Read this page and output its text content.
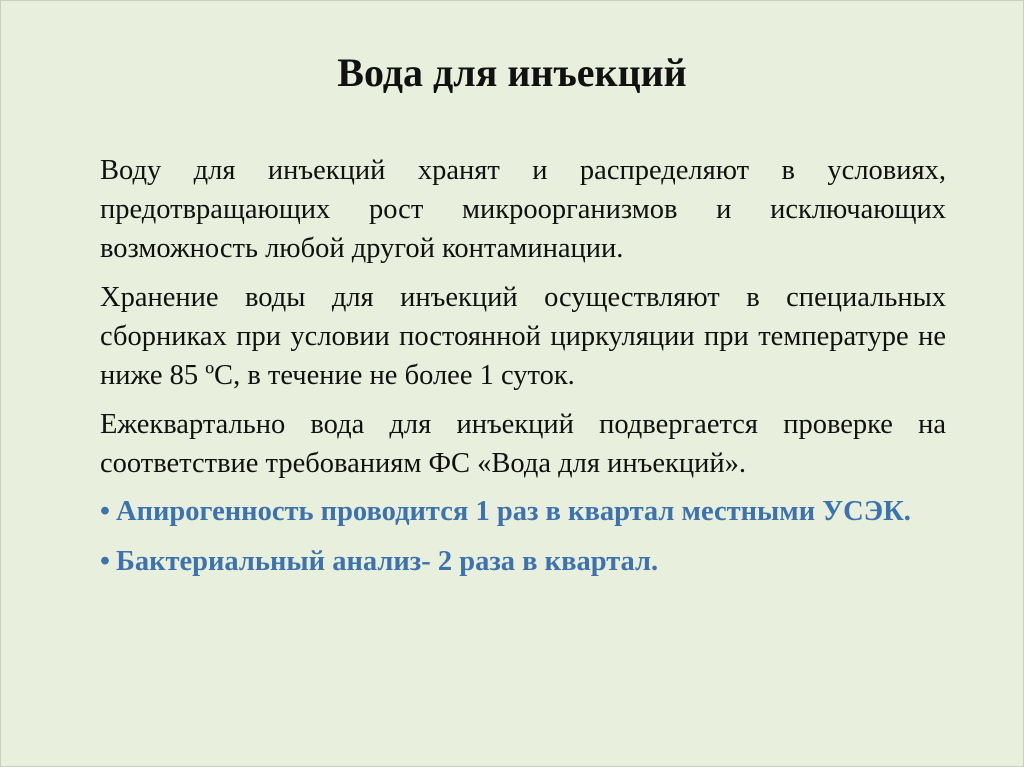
Вода для инъекций

Воду для инъекций хранят и распределяют в условиях, предотвращающих рост микроорганизмов и исключающих возможность любой другой контаминации.

Хранение воды для инъекций осуществляют в специальных сборниках при условии постоянной циркуляции при температуре не ниже 85 ºС, в течение не более 1 суток.

Ежеквартально вода для инъекций подвергается проверке на соответствие требованиям ФС «Вода для инъекций».

• Апирогенность проводится 1 раз в квартал местными УСЭК.
• Бактериальный анализ- 2 раза в квартал.
